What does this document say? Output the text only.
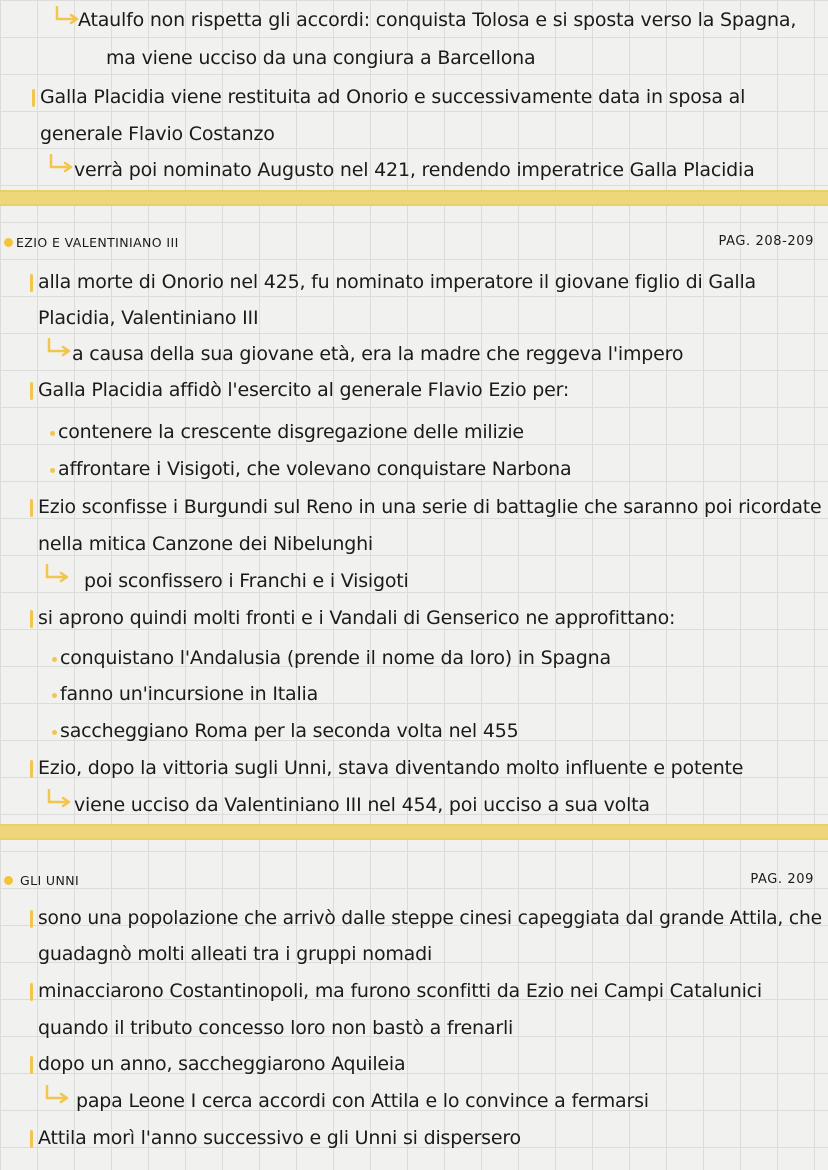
Ataulfo non rispetta gli accordi: conquista Tolosa e si sposta verso la Spagna,
ma viene ucciso da una congiura a Barcellona
Galla Placidia viene restituita ad Onorio e successivamente data in sposa al
generale Flavio Costanzo
verrà poi nominato Augusto nel 421, rendendo imperatrice Galla Placidia
EZIO E VALENTINIANO III	PAG. 208-209
alla morte di Onorio nel 425, fu nominato imperatore il giovane figlio di Galla
Placidia, Valentiniano III
a causa della sua giovane età, era la madre che reggeva l'impero
Galla Placidia affidò l'esercito al generale Flavio Ezio per:
contenere la crescente disgregazione delle milizie
affrontare i Visigoti, che volevano conquistare Narbona
Ezio sconfisse i Burgundi sul Reno in una serie di battaglie che saranno poi ricordate
nella mitica Canzone dei Nibelunghi
poi sconfissero i Franchi e i Visigoti
si aprono quindi molti fronti e i Vandali di Genserico ne approfittano:
conquistano l'Andalusia (prende il nome da loro) in Spagna
fanno un'incursione in Italia
saccheggiano Roma per la seconda volta nel 455
Ezio, dopo la vittoria sugli Unni, stava diventando molto influente e potente
viene ucciso da Valentiniano III nel 454, poi ucciso a sua volta
GLI UNNI	PAG. 209
sono una popolazione che arrivò dalle steppe cinesi capeggiata dal grande Attila, che
guadagnò molti alleati tra i gruppi nomadi
minacciarono Costantinopoli, ma furono sconfitti da Ezio nei Campi Catalunici
quando il tributo concesso loro non bastò a frenarli
dopo un anno, saccheggiarono Aquileia
papa Leone I cerca accordi con Attila e lo convince a fermarsi
Attila morì l'anno successivo e gli Unni si dispersero
